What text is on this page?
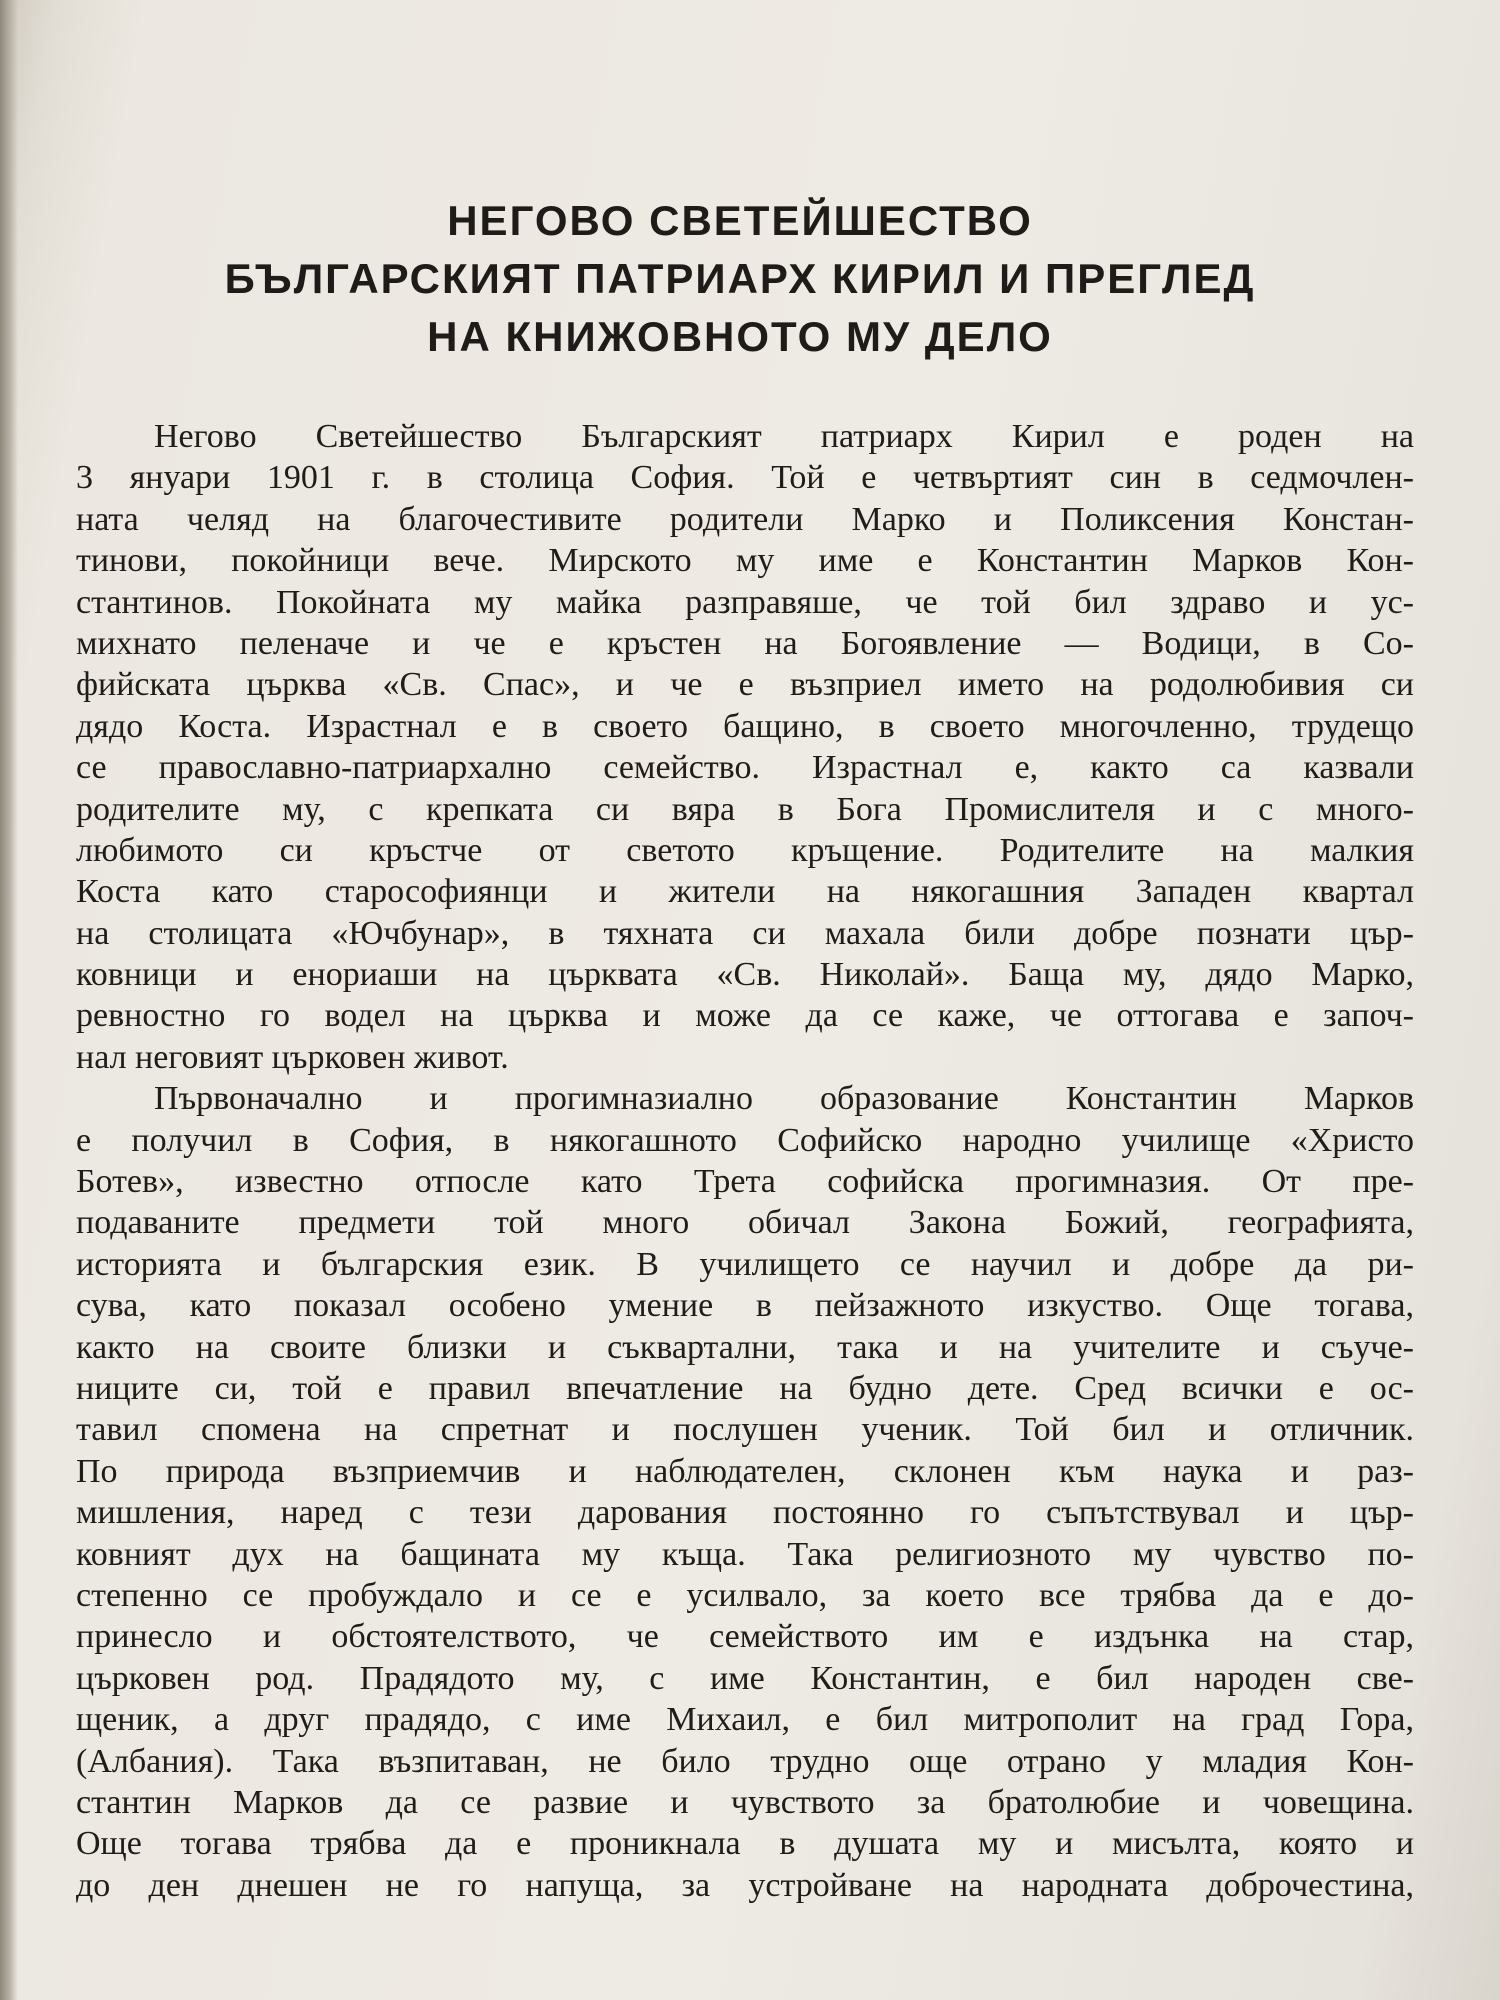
НЕГОВО СВЕТЕЙШЕСТВО
БЪЛГАРСКИЯТ ПАТРИАРХ КИРИЛ И ПРЕГЛЕД
НА КНИЖОВНОТО МУ ДЕЛО
Негово Светейшество Българският патриарх Кирил е роден на
3 януари 1901 г. в столица София. Той е четвъртият син в седмочлен-
ната челяд на благочестивите родители Марко и Поликсения Констан-
тинови, покойници вече. Мирското му име е Константин Марков Кон-
стантинов. Покойната му майка разправяше, че той бил здраво и ус-
михнато пеленаче и че е кръстен на Богоявление — Водици, в Со-
фийската църква «Св. Спас», и че е възприел името на родолюбивия си
дядо Коста. Израстнал е в своето бащино, в своето многочленно, трудещо
се православно-патриархално семейство. Израстнал е, както са казвали
родителите му, с крепката си вяра в Бога Промислителя и с много-
любимото си кръстче от светото кръщение. Родителите на малкия
Коста като старософиянци и жители на някогашния Западен квартал
на столицата «Ючбунар», в тяхната си махала били добре познати цър-
ковници и енориаши на църквата «Св. Николай». Баща му, дядо Марко,
ревностно го водел на църква и може да се каже, че оттогава е започ-
нал неговият църковен живот.
Първоначално и прогимназиално образование Константин Марков
е получил в София, в някогашното Софийско народно училище «Христо
Ботев», известно отпосле като Трета софийска прогимназия. От пре-
подаваните предмети той много обичал Закона Божий, географията,
историята и българския език. В училището се научил и добре да ри-
сува, като показал особено умение в пейзажното изкуство. Още тогава,
както на своите близки и съквартални, така и на учителите и съуче-
ниците си, той е правил впечатление на будно дете. Сред всички е ос-
тавил спомена на спретнат и послушен ученик. Той бил и отличник.
По природа възприемчив и наблюдателен, склонен към наука и раз-
мишления, наред с тези дарования постоянно го съпътствувал и цър-
ковният дух на бащината му къща. Така религиозното му чувство по-
степенно се пробуждало и се е усилвало, за което все трябва да е до-
принесло и обстоятелството, че семейството им е издънка на стар,
църковен род. Прадядото му, с име Константин, е бил народен све-
щеник, а друг прадядо, с име Михаил, е бил митрополит на град Гора,
(Албания). Така възпитаван, не било трудно още отрано у младия Кон-
стантин Марков да се развие и чувството за братолюбие и човещина.
Още тогава трябва да е проникнала в душата му и мисълта, която и
до ден днешен не го напуща, за устройване на народната доброчестина,
